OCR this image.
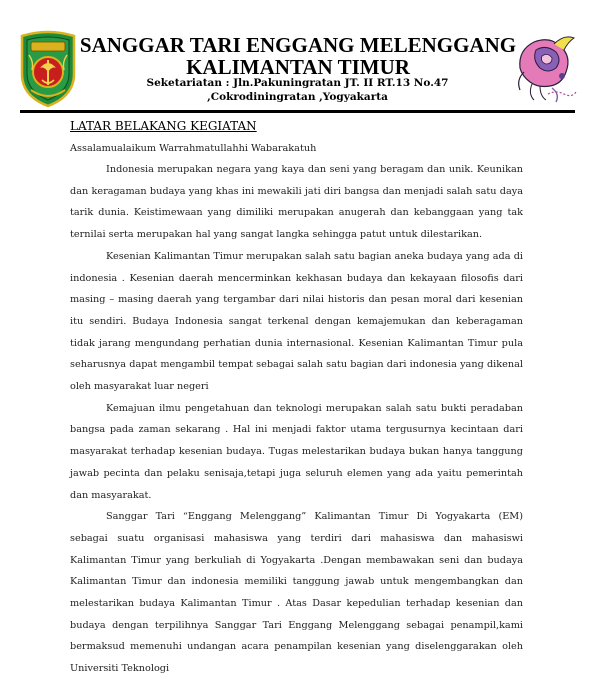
SANGGAR TARI ENGGANG MELENGGANG
KALIMANTAN TIMUR
Seketariatan : Jln.Pakuningratan JT. II RT.13 No.47
,Cokrodiningratan ,Yogyakarta
LATAR BELAKANG KEGIATAN
Assalamualaikum Warrahmatullahhi Wabarakatuh

Indonesia merupakan negara yang kaya dan seni yang beragam dan unik. Keunikan dan keragaman budaya yang khas ini mewakili jati diri bangsa dan menjadi salah satu daya tarik dunia. Keistimewaan yang dimiliki merupakan anugerah dan kebanggaan yang tak ternilai serta merupakan hal yang sangat langka sehingga patut untuk dilestarikan.

Kesenian Kalimantan Timur merupakan salah satu bagian aneka budaya yang ada di indonesia . Kesenian daerah mencerminkan kekhasan budaya dan kekayaan filosofis dari masing – masing daerah yang tergambar dari nilai historis dan pesan moral dari kesenian itu sendiri. Budaya Indonesia sangat terkenal dengan kemajemukan dan keberagaman tidak jarang mengundang perhatian dunia internasional. Kesenian Kalimantan Timur pula seharusnya dapat mengambil tempat sebagai salah satu bagian dari indonesia yang dikenal oleh masyarakat luar negeri

Kemajuan ilmu pengetahuan dan teknologi merupakan salah satu bukti peradaban bangsa pada zaman sekarang . Hal ini menjadi faktor utama tergusurnya kecintaan dari masyarakat terhadap kesenian budaya. Tugas melestarikan budaya bukan hanya tanggung jawab pecinta dan pelaku senisaja,tetapi juga seluruh elemen yang ada yaitu pemerintah dan masyarakat.

Sanggar Tari “Enggang Melenggang” Kalimantan Timur Di Yogyakarta (EM) sebagai suatu organisasi mahasiswa yang terdiri dari mahasiswa dan mahasiswi Kalimantan Timur yang berkuliah di Yogyakarta .Dengan membawakan seni dan budaya Kalimantan Timur dan indonesia memiliki tanggung jawab untuk mengembangkan dan melestarikan budaya Kalimantan Timur . Atas Dasar kepedulian terhadap kesenian dan budaya dengan terpilihnya Sanggar Tari Enggang Melenggang sebagai penampil,kami bermaksud memenuhi undangan acara penampilan kesenian yang diselenggarakan oleh Universiti Teknologi
